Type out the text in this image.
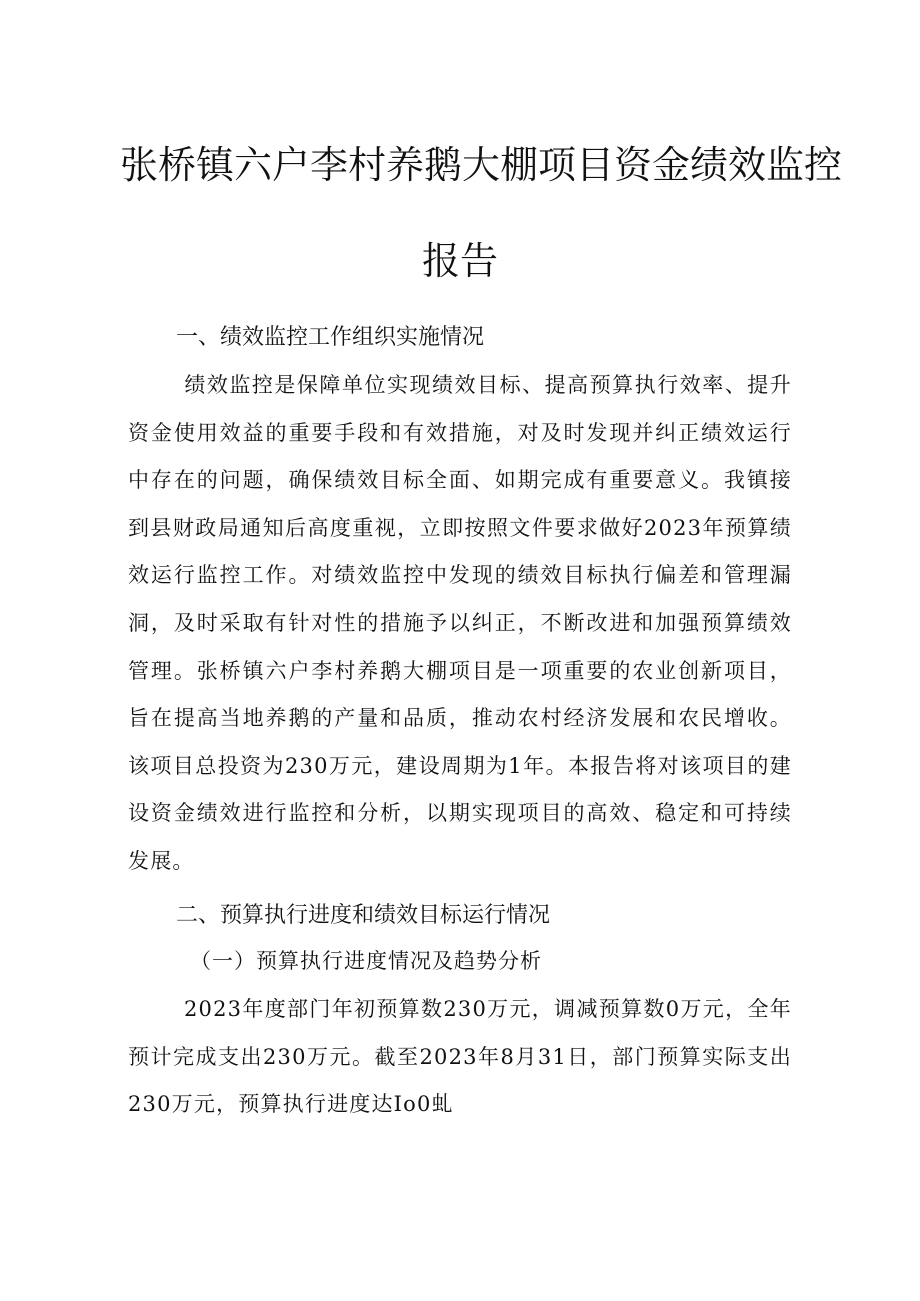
张桥镇六户李村养鹅大棚项目资金绩效监控
报告
一、绩效监控工作组织实施情况

绩效监控是保障单位实现绩效目标、提高预算执行效率、提升资金使用效益的重要手段和有效措施，对及时发现并纠正绩效运行中存在的问题，确保绩效目标全面、如期完成有重要意义。我镇接到县财政局通知后高度重视，立即按照文件要求做好2023年预算绩效运行监控工作。对绩效监控中发现的绩效目标执行偏差和管理漏洞，及时采取有针对性的措施予以纠正，不断改进和加强预算绩效管理。张桥镇六户李村养鹅大棚项目是一项重要的农业创新项目，旨在提高当地养鹅的产量和品质，推动农村经济发展和农民增收。该项目总投资为230万元，建设周期为1年。本报告将对该项目的建设资金绩效进行监控和分析，以期实现项目的高效、稳定和可持续发展。

二、预算执行进度和绩效目标运行情况
（一）预算执行进度情况及趋势分析

2023年度部门年初预算数230万元，调减预算数0万元，全年预计完成支出230万元。截至2023年8月31日，部门预算实际支出230万元，预算执行进度达Io0虬
